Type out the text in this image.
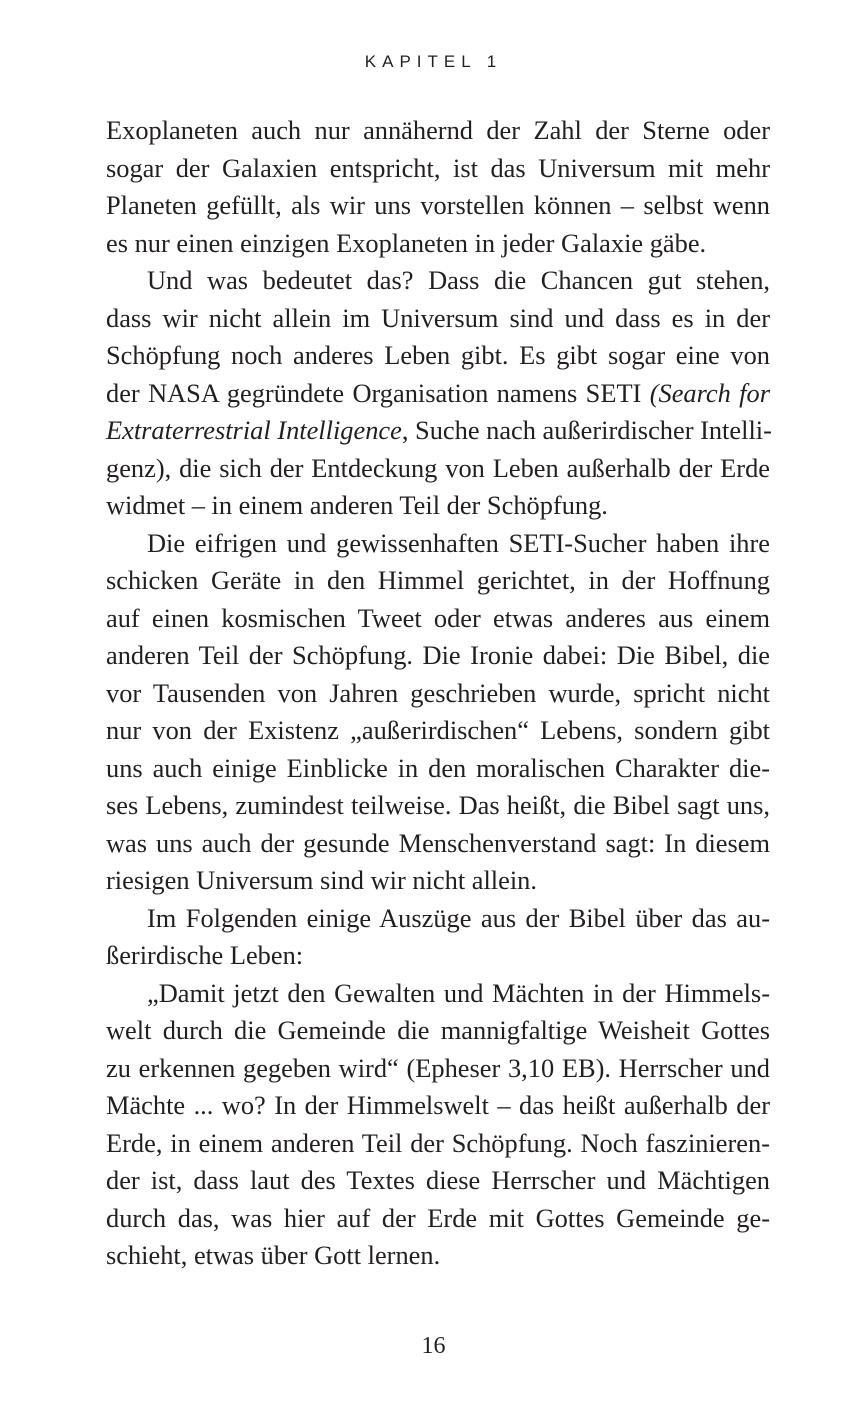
KAPITEL 1
Exoplaneten auch nur annähernd der Zahl der Sterne oder
sogar der Galaxien entspricht, ist das Universum mit mehr
Planeten gefüllt, als wir uns vorstellen können – selbst wenn
es nur einen einzigen Exoplaneten in jeder Galaxie gäbe.
Und was bedeutet das? Dass die Chancen gut stehen,
dass wir nicht allein im Universum sind und dass es in der
Schöpfung noch anderes Leben gibt. Es gibt sogar eine von
der NASA gegründete Organisation namens SETI (Search for
Extraterrestrial Intelligence, Suche nach außerirdischer Intelli-
genz), die sich der Entdeckung von Leben außerhalb der Erde
widmet – in einem anderen Teil der Schöpfung.
Die eifrigen und gewissenhaften SETI-Sucher haben ihre
schicken Geräte in den Himmel gerichtet, in der Hoffnung
auf einen kosmischen Tweet oder etwas anderes aus einem
anderen Teil der Schöpfung. Die Ironie dabei: Die Bibel, die
vor Tausenden von Jahren geschrieben wurde, spricht nicht
nur von der Existenz „außerirdischen“ Lebens, sondern gibt
uns auch einige Einblicke in den moralischen Charakter die-
ses Lebens, zumindest teilweise. Das heißt, die Bibel sagt uns,
was uns auch der gesunde Menschenverstand sagt: In diesem
riesigen Universum sind wir nicht allein.
Im Folgenden einige Auszüge aus der Bibel über das au-
ßerirdische Leben:
„Damit jetzt den Gewalten und Mächten in der Himmels-
welt durch die Gemeinde die mannigfaltige Weisheit Gottes
zu erkennen gegeben wird“ (Epheser 3,10 EB). Herrscher und
Mächte ... wo? In der Himmelswelt – das heißt außerhalb der
Erde, in einem anderen Teil der Schöpfung. Noch faszinieren-
der ist, dass laut des Textes diese Herrscher und Mächtigen
durch das, was hier auf der Erde mit Gottes Gemeinde ge-
schieht, etwas über Gott lernen.
16
